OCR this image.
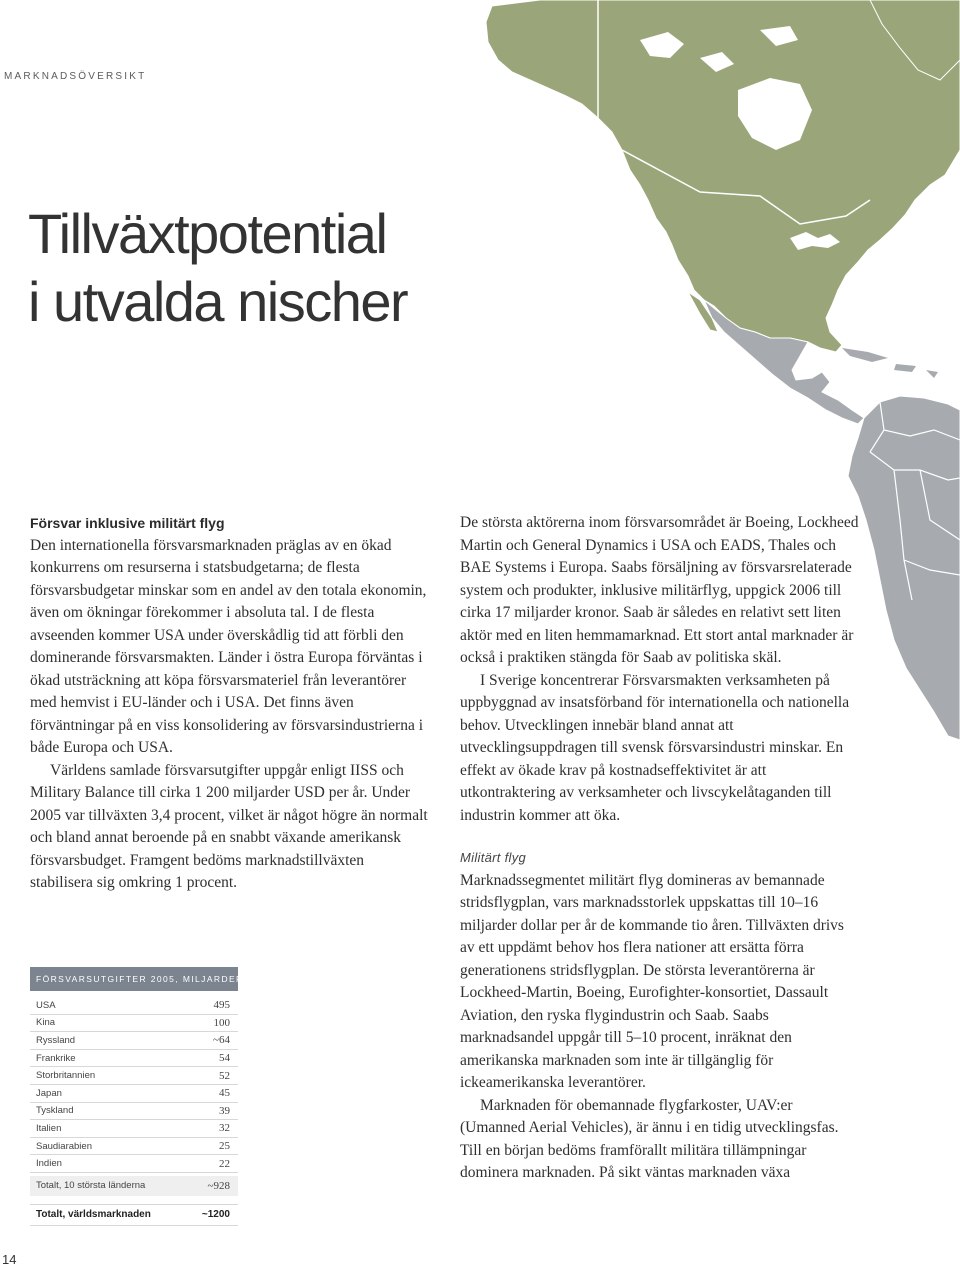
MARKNADSÖVERSIKT

Tillväxtpotential
i utvalda nischer

Försvar inklusive militärt flyg

Den internationella försvarsmarknaden präglas av en ökad konkurrens om resurserna i statsbudgetarna; de flesta försvarsbudgetar minskar som en andel av den totala ekonomin, även om ökningar förekommer i absoluta tal. I de flesta avseenden kommer USA under överskådlig tid att förbli den dominerande försvarsmakten. Länder i östra Europa förväntas i ökad utsträckning att köpa försvarsmateriel från leverantörer med hemvist i EU-länder och i USA. Det finns även förväntningar på en viss konsolidering av försvarsindustrierna i både Europa och USA.

Världens samlade försvarsutgifter uppgår enligt IISS och Military Balance till cirka 1 200 miljarder USD per år. Under 2005 var tillväxten 3,4 procent, vilket är något högre än normalt och bland annat beroende på en snabbt växande amerikansk försvarsbudget. Framgent bedöms marknadstillväxten stabilisera sig omkring 1 procent.

De största aktörerna inom försvarsområdet är Boeing, Lockheed Martin och General Dynamics i USA och EADS, Thales och BAE Systems i Europa. Saabs försäljning av försvarsrelaterade system och produkter, inklusive militärflyg, uppgick 2006 till cirka 17 miljarder kronor. Saab är således en relativt sett liten aktör med en liten hemmamarknad. Ett stort antal marknader är också i praktiken stängda för Saab av politiska skäl.

I Sverige koncentrerar Försvarsmakten verksamheten på uppbyggnad av insatsförband för internationella och nationella behov. Utvecklingen innebär bland annat att utvecklingsuppdragen till svensk försvarsindustri minskar. En effekt av ökade krav på kostnadseffektivitet är att utkontraktering av verksamheter och livscykelåtaganden till industrin kommer att öka.

Militärt flyg

Marknadssegmentet militärt flyg domineras av bemannade stridsflygplan, vars marknadsstorlek uppskattas till 10–16 miljarder dollar per år de kommande tio åren. Tillväxten drivs av ett uppdämt behov hos flera nationer att ersätta förra generationens stridsflygplan. De största leverantörerna är Lockheed-Martin, Boeing, Eurofighter-konsortiet, Dassault Aviation, den ryska flygindustrin och Saab. Saabs marknadsandel uppgår till 5–10 procent, inräknat den amerikanska marknaden som inte är tillgänglig för ickeamerikanska leverantörer.

Marknaden för obemannade flygfarkoster, UAV:er (Umanned Aerial Vehicles), är ännu i en tidig utvecklingsfas. Till en början bedöms framförallt militära tillämpningar dominera marknaden. På sikt väntas marknaden växa

FÖRSVARSUTGIFTER 2005, MILJARDER USD
USA	495
Kina	100
Ryssland	~64
Frankrike	54
Storbritannien	52
Japan	45
Tyskland	39
Italien	32
Saudiarabien	25
Indien	22
Totalt, 10 största länderna	~928
Totalt, världsmarknaden	~1200
14
